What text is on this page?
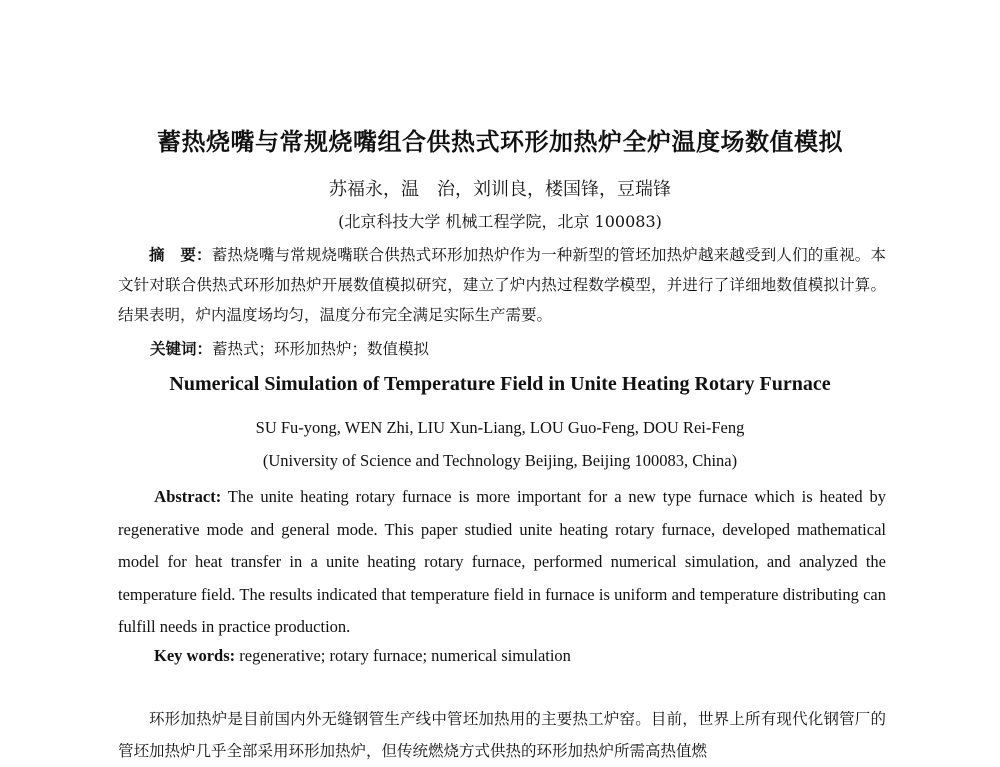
蓄热烧嘴与常规烧嘴组合供热式环形加热炉全炉温度场数值模拟

苏福永，温　治，刘训良，楼国锋，豆瑞锋

(北京科技大学 机械工程学院，北京 100083)

摘　要：蓄热烧嘴与常规烧嘴联合供热式环形加热炉作为一种新型的管坯加热炉越来越受到人们的重视。本文针对联合供热式环形加热炉开展数值模拟研究，建立了炉内热过程数学模型，并进行了详细地数值模拟计算。结果表明，炉内温度场均匀，温度分布完全满足实际生产需要。

关键词：蓄热式；环形加热炉；数值模拟

Numerical Simulation of Temperature Field in Unite Heating Rotary Furnace

SU Fu-yong, WEN Zhi, LIU Xun-Liang, LOU Guo-Feng, DOU Rei-Feng

(University of Science and Technology Beijing, Beijing 100083, China)

Abstract: The unite heating rotary furnace is more important for a new type furnace which is heated by regenerative mode and general mode. This paper studied unite heating rotary furnace, developed mathematical model for heat transfer in a unite heating rotary furnace, performed numerical simulation, and analyzed the temperature field. The results indicated that temperature field in furnace is uniform and temperature distributing can fulfill needs in practice production.

Key words: regenerative; rotary furnace; numerical simulation

环形加热炉是目前国内外无缝钢管生产线中管坯加热用的主要热工炉窑。目前，世界上所有现代化钢管厂的管坯加热炉几乎全部采用环形加热炉，但传统燃烧方式供热的环形加热炉所需高热值燃
